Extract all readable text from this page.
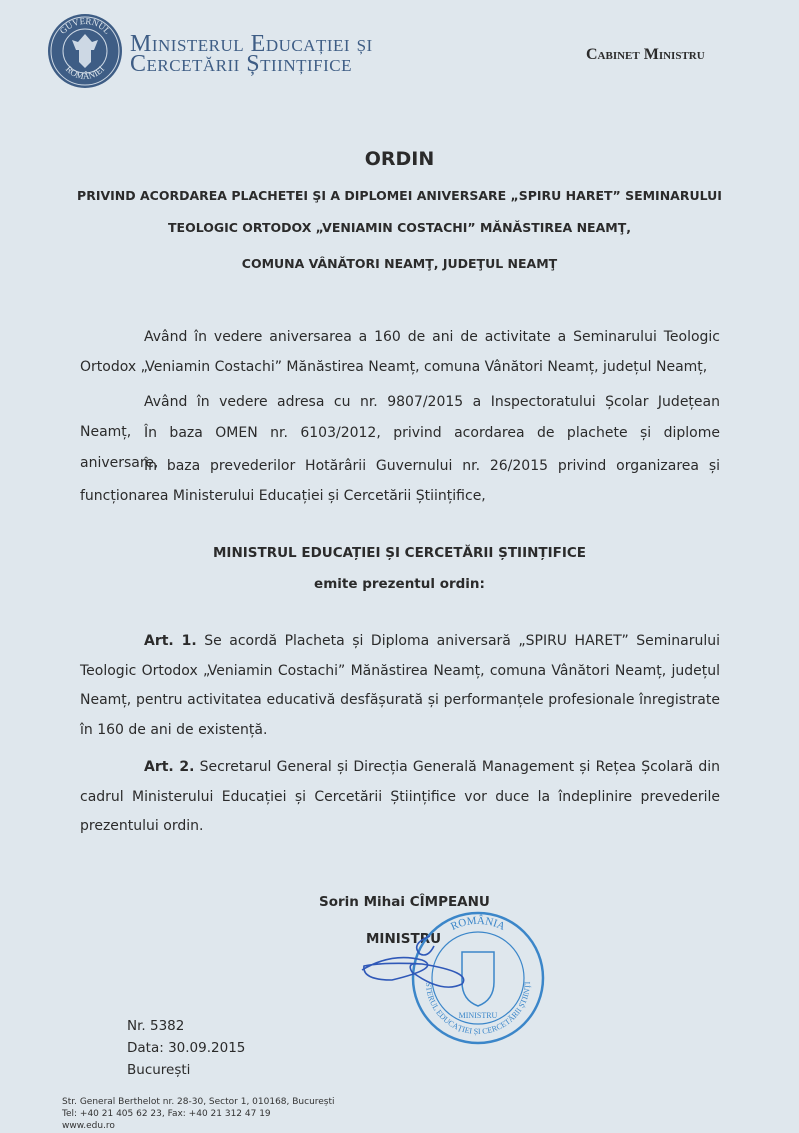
GUVERNUL
ROMÂNIEI
Ministerul Educației și
Cercetării Științifice	Cabinet Ministru
ORDIN
PRIVIND ACORDAREA PLACHETEI ŞI A DIPLOMEI ANIVERSARE „SPIRU HARET” SEMINARULUI
TEOLOGIC ORTODOX „VENIAMIN COSTACHI” MĂNĂSTIREA NEAMŢ,
COMUNA VÂNĂTORI NEAMŢ, JUDEŢUL NEAMŢ
Având în vedere aniversarea a 160 de ani de activitate a Seminarului Teologic Ortodox „Veniamin Costachi” Mănăstirea Neamț, comuna Vânători Neamț, județul Neamț,
Având în vedere adresa cu nr. 9807/2015 a Inspectoratului Școlar Județean Neamț, În baza OMEN nr. 6103/2012, privind acordarea de plachete și diplome aniversare,
În baza prevederilor Hotărârii Guvernului nr. 26/2015 privind organizarea și funcționarea Ministerului Educației și Cercetării Științifice,
MINISTRUL EDUCAȚIEI ȘI CERCETĂRII ȘTIINȚIFICE
emite prezentul ordin:
Art. 1. Se acordă Placheta și Diploma aniversară „SPIRU HARET” Seminarului Teologic Ortodox „Veniamin Costachi” Mănăstirea Neamț, comuna Vânători Neamț, județul Neamț, pentru activitatea educativă desfășurată și performanțele profesionale înregistrate în 160 de ani de existență.
Art. 2. Secretarul General și Direcția Generală Management și Rețea Școlară din cadrul Ministerului Educației și Cercetării Științifice vor duce la îndeplinire prevederile prezentului ordin.
Sorin Mihai CÎMPEANU
MINISTRU
ROMÂNIA
STERUL EDUCAȚIEI ȘI CERCETĂRII ȘTIINȚI
MINISTRU
Nr. 5382
Data: 30.09.2015
București
Str. General Berthelot nr. 28-30, Sector 1, 010168, București
Tel: +40 21 405 62 23, Fax: +40 21 312 47 19
www.edu.ro
